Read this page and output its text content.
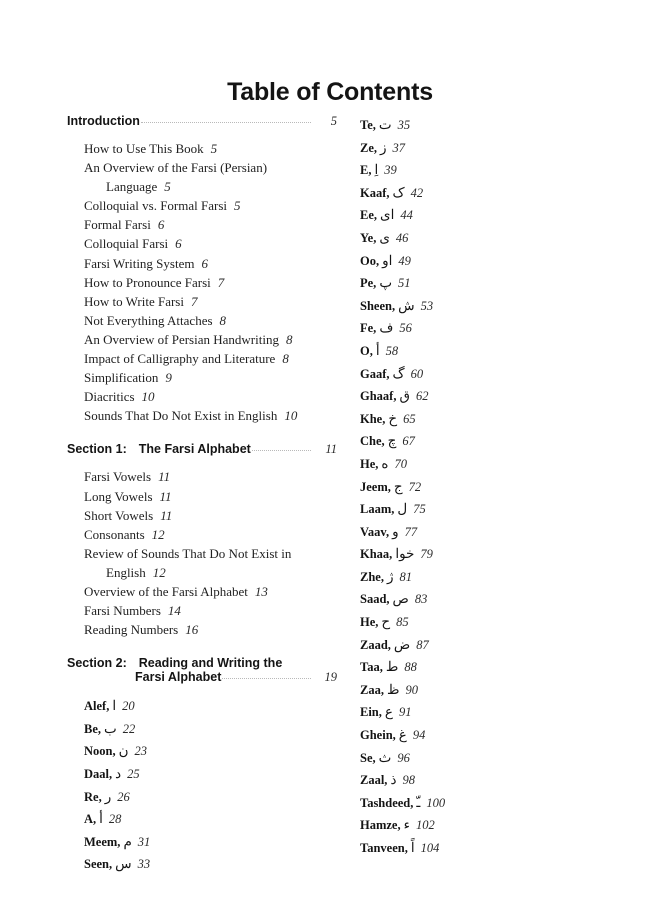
Table of Contents
Introduction	5
How to Use This Book 5
An Overview of the Farsi (Persian)
Language 5
Colloquial vs. Formal Farsi 5
Formal Farsi 6
Colloquial Farsi 6
Farsi Writing System 6
How to Pronounce Farsi 7
How to Write Farsi 7
Not Everything Attaches 8
An Overview of Persian Handwriting 8
Impact of Calligraphy and Literature 8
Simplification 9
Diacritics 10
Sounds That Do Not Exist in English 10
Section 1: The Farsi Alphabet	11
Farsi Vowels 11
Long Vowels 11
Short Vowels 11
Consonants 12
Review of Sounds That Do Not Exist in
English 12
Overview of the Farsi Alphabet 13
Farsi Numbers 14
Reading Numbers 16
Section 2: Reading and Writing the
Farsi Alphabet	19
Alef, ا 20
Be, ب 22
Noon, ن 23
Daal, د 25
Re, ر 26
A, أ 28
Meem, م 31
Seen, س 33
Te, ت 35
Ze, ز 37
E, اِ 39
Kaaf, ک 42
Ee, اى 44
Ye, ى 46
Oo, او 49
Pe, پ 51
Sheen, ش 53
Fe, ف 56
O, أ 58
Gaaf, گ 60
Ghaaf, ق 62
Khe, خ 65
Che, چ 67
He, ه 70
Jeem, ج 72
Laam, ل 75
Vaav, و 77
Khaa, خوا 79
Zhe, ژ 81
Saad, ص 83
He, ح 85
Zaad, ض 87
Taa, ط 88
Zaa, ظ 90
Ein, ع 91
Ghein, غ 94
Se, ث 96
Zaal, ذ 98
Tashdeed, ـّ 100
Hamze, ء 102
Tanveen, اً 104
